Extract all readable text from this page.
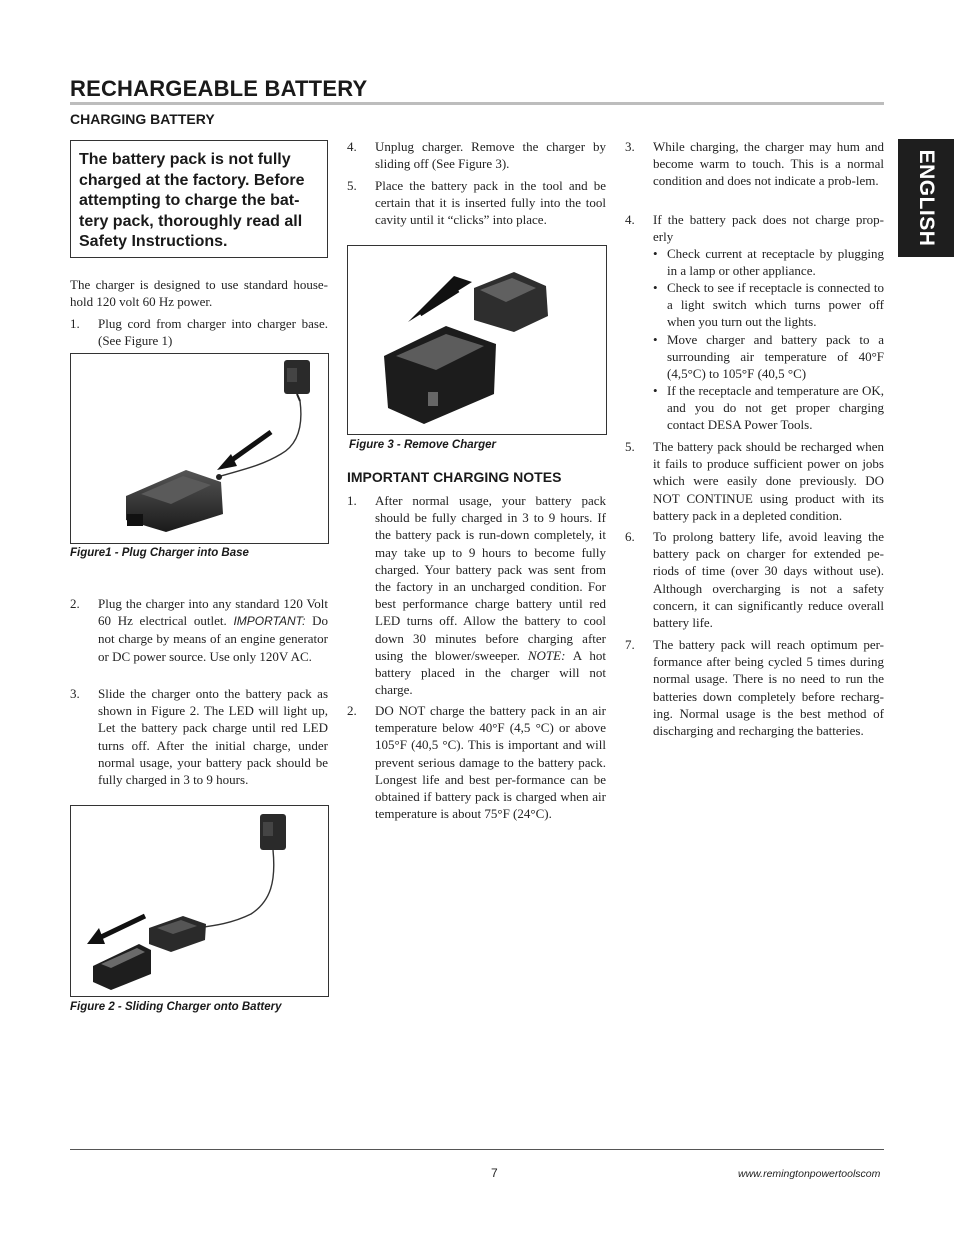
RECHARGEABLE BATTERY
CHARGING BATTERY
ENGLISH
The battery pack is not fully charged at the factory. Before attempting to charge the bat-tery pack, thoroughly read all Safety Instructions.
The charger is designed to use standard house-hold 120 volt 60 Hz power.
1. Plug cord from charger into charger base. (See Figure 1)
Figure1 - Plug Charger into Base
2. Plug the charger into any standard 120 Volt 60 Hz electrical outlet. IMPORTANT: Do not charge by means of an engine generator or DC power source. Use only 120V AC.
3. Slide the charger onto the battery pack as shown in Figure 2. The LED will light up, Let the battery pack charge until red LED turns off. After the initial charge, under normal usage, your battery pack should be fully charged in 3 to 9 hours.
Figure 2 - Sliding Charger onto Battery
4. Unplug charger. Remove the charger by sliding off (See Figure 3).
5. Place the battery pack in the tool and be certain that it is inserted fully into the tool cavity until it “clicks” into place.
Figure 3 - Remove Charger
IMPORTANT CHARGING NOTES
1. After normal usage, your battery pack should be fully charged in 3 to 9 hours. If the battery pack is run-down completely, it may take up to 9 hours to become fully charged. Your battery pack was sent from the factory in an uncharged condition. For best performance charge battery until red LED turns off. Allow the battery to cool down 30 minutes before charging after using the blower/sweeper. NOTE: A hot battery placed in the charger will not charge.
2. DO NOT charge the battery pack in an air temperature below 40°F (4,5 °C) or above 105°F (40,5 °C). This is important and will prevent serious damage to the battery pack. Longest life and best per-formance can be obtained if battery pack is charged when air temperature is about 75°F (24°C).
3. While charging, the charger may hum and become warm to touch. This is a normal condition and does not indicate a prob-lem.
4. If the battery pack does not charge prop-erly
• Check current at receptacle by plugging in a lamp or other appliance.
• Check to see if receptacle is connected to a light switch which turns power off when you turn out the lights.
• Move charger and battery pack to a surrounding air temperature of 40°F (4,5°C) to 105°F (40,5 °C)
• If the receptacle and temperature are OK, and you do not get proper charging contact DESA Power Tools.
5. The battery pack should be recharged when it fails to produce sufficient power on jobs which were easily done previously. DO NOT CONTINUE using product with its battery pack in a depleted condition.
6. To prolong battery life, avoid leaving the battery pack on charger for extended pe-riods of time (over 30 days without use). Although overcharging is not a safety concern, it can significantly reduce overall battery life.
7. The battery pack will reach optimum per-formance after being cycled 5 times during normal usage. There is no need to run the batteries down completely before recharg-ing. Normal usage is the best method of discharging and recharging the batteries.
7	www.remingtonpowertoolscom
